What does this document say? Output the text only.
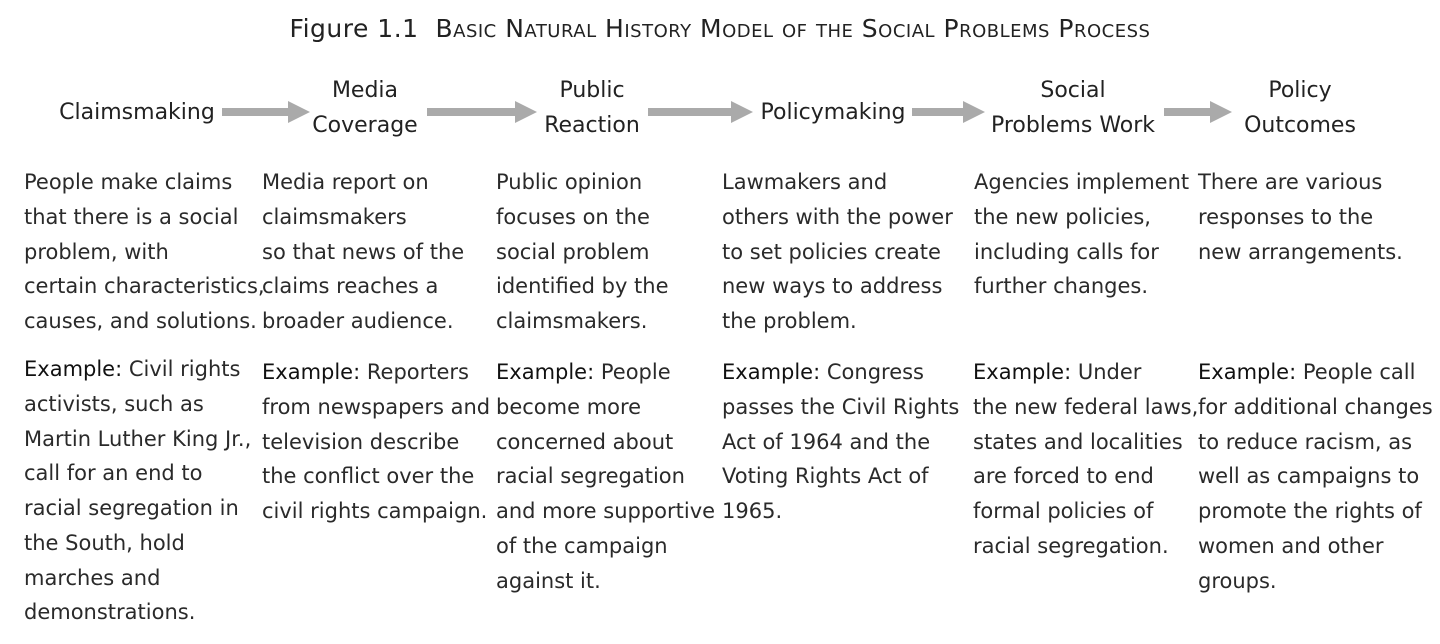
Figure 1.1 Basic Natural History Model of the Social Problems Process
Claimsmaking
Media
Coverage
Public
Reaction
Policymaking
Social
Problems Work
Policy
Outcomes
People make claims
that there is a social
problem, with
certain characteristics,
causes, and solutions.
Example: Civil rights
activists, such as
Martin Luther King Jr.,
call for an end to
racial segregation in
the South, hold
marches and
demonstrations.
Media report on
claimsmakers
so that news of the
claims reaches a
broader audience.
Example: Reporters
from newspapers and
television describe
the conflict over the
civil rights campaign.
Public opinion
focuses on the
social problem
identified by the
claimsmakers.
Example: People
become more
concerned about
racial segregation
and more supportive
of the campaign
against it.
Lawmakers and
others with the power
to set policies create
new ways to address
the problem.
Example: Congress
passes the Civil Rights
Act of 1964 and the
Voting Rights Act of
1965.
Agencies implement
the new policies,
including calls for
further changes.
Example: Under
the new federal laws,
states and localities
are forced to end
formal policies of
racial segregation.
There are various
responses to the
new arrangements.
Example: People call
for additional changes
to reduce racism, as
well as campaigns to
promote the rights of
women and other
groups.
